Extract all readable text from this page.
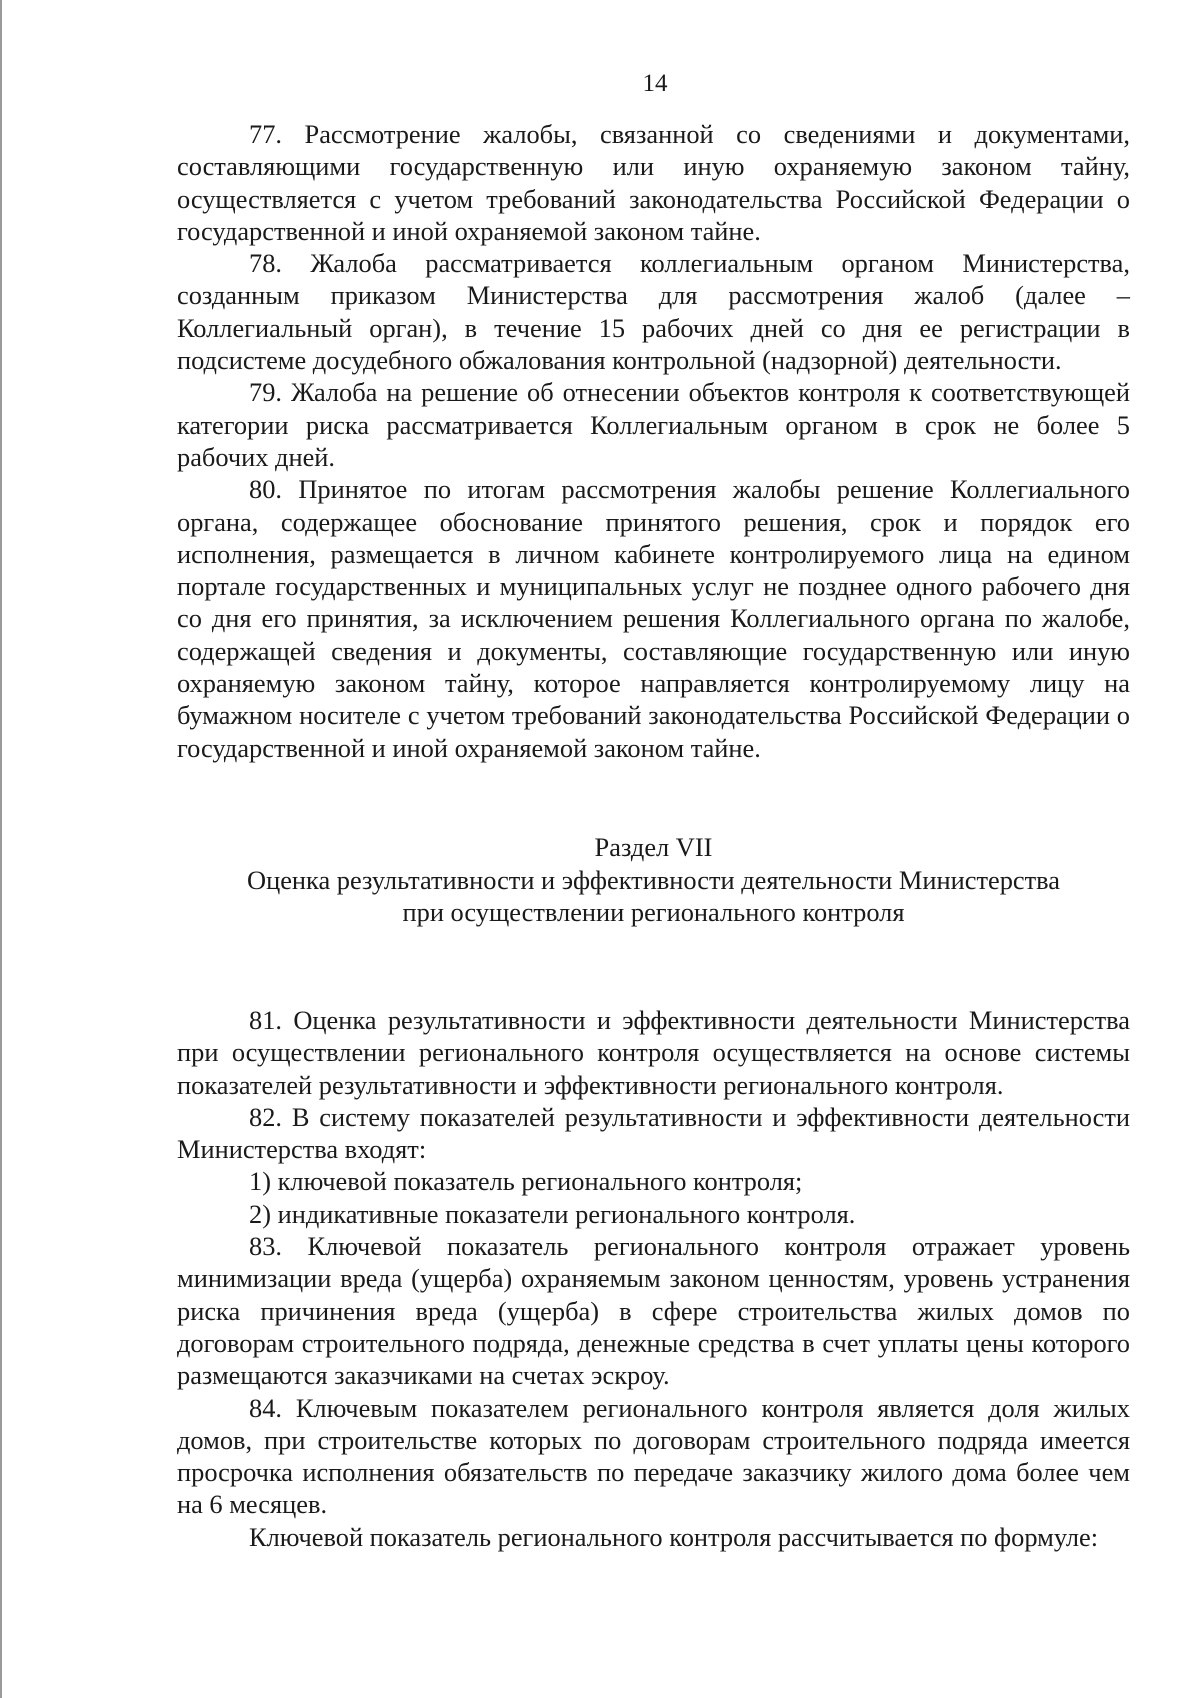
14

77. Рассмотрение жалобы, связанной со сведениями и документами, составляющими государственную или иную охраняемую законом тайну, осуществляется с учетом требований законодательства Российской Федерации о государственной и иной охраняемой законом тайне.

78. Жалоба рассматривается коллегиальным органом Министерства, созданным приказом Министерства для рассмотрения жалоб (далее – Коллегиальный орган), в течение 15 рабочих дней со дня ее регистрации в подсистеме досудебного обжалования контрольной (надзорной) деятельности.

79. Жалоба на решение об отнесении объектов контроля к соответствующей категории риска рассматривается Коллегиальным органом в срок не более 5 рабочих дней.

80. Принятое по итогам рассмотрения жалобы решение Коллегиального органа, содержащее обоснование принятого решения, срок и порядок его исполнения, размещается в личном кабинете контролируемого лица на едином портале государственных и муниципальных услуг не позднее одного рабочего дня со дня его принятия, за исключением решения Коллегиального органа по жалобе, содержащей сведения и документы, составляющие государственную или иную охраняемую законом тайну, которое направляется контролируемому лицу на бумажном носителе с учетом требований законодательства Российской Федерации о государственной и иной охраняемой законом тайне.

Раздел VII
Оценка результативности и эффективности деятельности Министерства
при осуществлении регионального контроля

81. Оценка результативности и эффективности деятельности Министерства при осуществлении регионального контроля осуществляется на основе системы показателей результативности и эффективности регионального контроля.

82. В систему показателей результативности и эффективности деятельности Министерства входят:

1) ключевой показатель регионального контроля;

2) индикативные показатели регионального контроля.

83. Ключевой показатель регионального контроля отражает уровень минимизации вреда (ущерба) охраняемым законом ценностям, уровень устранения риска причинения вреда (ущерба) в сфере строительства жилых домов по договорам строительного подряда, денежные средства в счет уплаты цены которого размещаются заказчиками на счетах эскроу.

84. Ключевым показателем регионального контроля является доля жилых домов, при строительстве которых по договорам строительного подряда имеется просрочка исполнения обязательств по передаче заказчику жилого дома более чем на 6 месяцев.

Ключевой показатель регионального контроля рассчитывается по формуле:
